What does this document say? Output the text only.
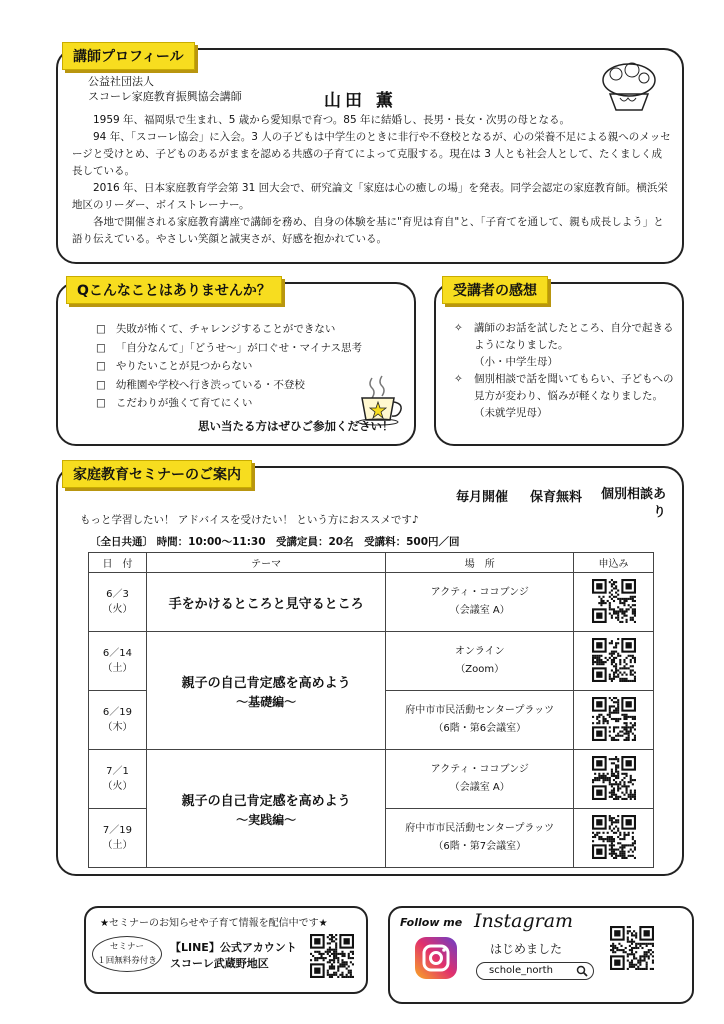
講師プロフィール
公益社団法人
スコーレ家庭教育振興協会講師	山田 薫

1959 年、福岡県で生まれ、5 歳から愛知県で育つ。85 年に結婚し、長男・長女・次男の母となる。

94 年、「スコーレ協会」に入会。3 人の子どもは中学生のときに非行や不登校となるが、心の栄養不足による親へのメッセージと受けとめ、子どものあるがままを認める共感の子育てによって克服する。現在は 3 人とも社会人として、たくましく成長している。

2016 年、日本家庭教育学会第 31 回大会で、研究論文「家庭は心の癒しの場」を発表。同学会認定の家庭教育師。横浜栄地区のリーダー、ボイストレーナー。

各地で開催される家庭教育講座で講師を務め、自身の体験を基に"育児は育自"と、「子育てを通して、親も成長しよう」と語り伝えている。やさしい笑顔と誠実さが、好感を抱かれている。

Qこんなことはありませんか？
□ 失敗が怖くて、チャレンジすることができない
□ 「自分なんて」「どうせ～」が口ぐせ・マイナス思考
□ やりたいことが見つからない
□ 幼稚園や学校へ行き渋っている・不登校
□ こだわりが強くて育てにくい
思い当たる方はぜひご参加ください！
受講者の感想
✧ 講師のお話を試したところ、自分で起きるようになりました。
（小・中学生母）
✧ 個別相談で話を聞いてもらい、子どもへの見方が変わり、悩みが軽くなりました。
（未就学児母）
家庭教育セミナーのご案内
毎月開催 保育無料 個別相談あり
もっと学習したい！ アドバイスを受けたい！ という方におススメです♪
〔全日共通〕 時間：10:00～11:30　受講定員：20名　受講料：500円／回
日　付	テーマ	場　所	申込み
6／3
（火）	手をかけるところと見守るところ	アクティ・ココブンジ
（会議室 A）	
6／14
（土）	親子の自己肯定感を高めよう
～基礎編～	オンライン
（Zoom）	
6／19
（木）		府中市市民活動センタープラッツ
（6階・第6会議室）	
7／1
（火）	親子の自己肯定感を高めよう
～実践編～	アクティ・ココブンジ
（会議室 A）	
7／19
（土）		府中市市民活動センタープラッツ
（6階・第7会議室）	
★セミナーのお知らせや子育て情報を配信中です★
セミナー
１回無料券付き
【LINE】公式アカウント
スコーレ武蔵野地区
Follow me Instagram
はじめました
schole_north
